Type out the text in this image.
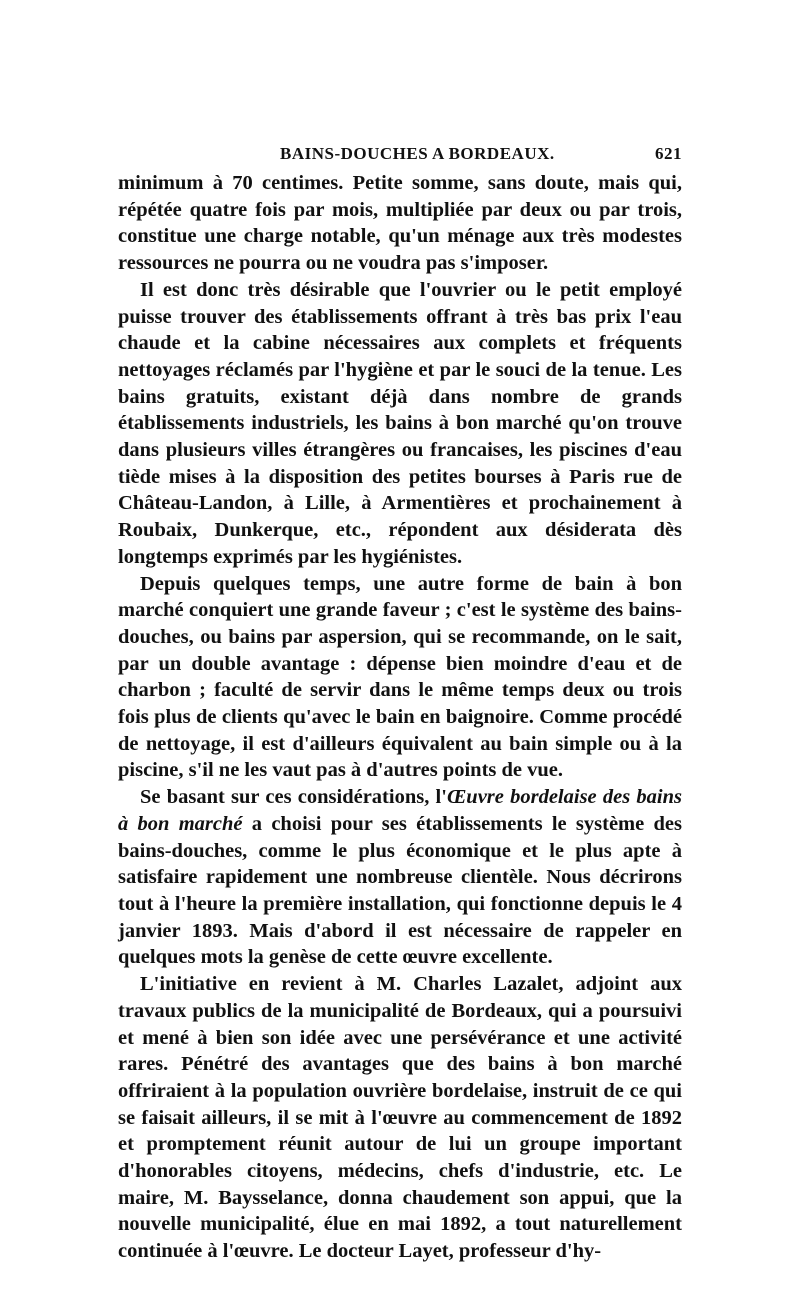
BAINS-DOUCHES A BORDEAUX.	621

minimum à 70 centimes. Petite somme, sans doute, mais qui, répétée quatre fois par mois, multipliée par deux ou par trois, constitue une charge notable, qu'un ménage aux très modestes ressources ne pourra ou ne voudra pas s'imposer.

Il est donc très désirable que l'ouvrier ou le petit employé puisse trouver des établissements offrant à très bas prix l'eau chaude et la cabine nécessaires aux complets et fréquents nettoyages réclamés par l'hygiène et par le souci de la tenue. Les bains gratuits, existant déjà dans nombre de grands établissements industriels, les bains à bon marché qu'on trouve dans plusieurs villes étrangères ou francaises, les piscines d'eau tiède mises à la disposition des petites bourses à Paris rue de Château-Landon, à Lille, à Armentières et prochainement à Roubaix, Dunkerque, etc., répondent aux désiderata dès longtemps exprimés par les hygiénistes.

Depuis quelques temps, une autre forme de bain à bon marché conquiert une grande faveur ; c'est le système des bains-douches, ou bains par aspersion, qui se recommande, on le sait, par un double avantage : dépense bien moindre d'eau et de charbon ; faculté de servir dans le même temps deux ou trois fois plus de clients qu'avec le bain en baignoire. Comme procédé de nettoyage, il est d'ailleurs équivalent au bain simple ou à la piscine, s'il ne les vaut pas à d'autres points de vue.

Se basant sur ces considérations, l'Œuvre bordelaise des bains à bon marché a choisi pour ses établissements le système des bains-douches, comme le plus économique et le plus apte à satisfaire rapidement une nombreuse clientèle. Nous décrirons tout à l'heure la première installation, qui fonctionne depuis le 4 janvier 1893. Mais d'abord il est nécessaire de rappeler en quelques mots la genèse de cette œuvre excellente.

L'initiative en revient à M. Charles Lazalet, adjoint aux travaux publics de la municipalité de Bordeaux, qui a poursuivi et mené à bien son idée avec une persévérance et une activité rares. Pénétré des avantages que des bains à bon marché offriraient à la population ouvrière bordelaise, instruit de ce qui se faisait ailleurs, il se mit à l'œuvre au commencement de 1892 et promptement réunit autour de lui un groupe important d'honorables citoyens, médecins, chefs d'industrie, etc. Le maire, M. Baysselance, donna chaudement son appui, que la nouvelle municipalité, élue en mai 1892, a tout naturellement continuée à l'œuvre. Le docteur Layet, professeur d'hy-
